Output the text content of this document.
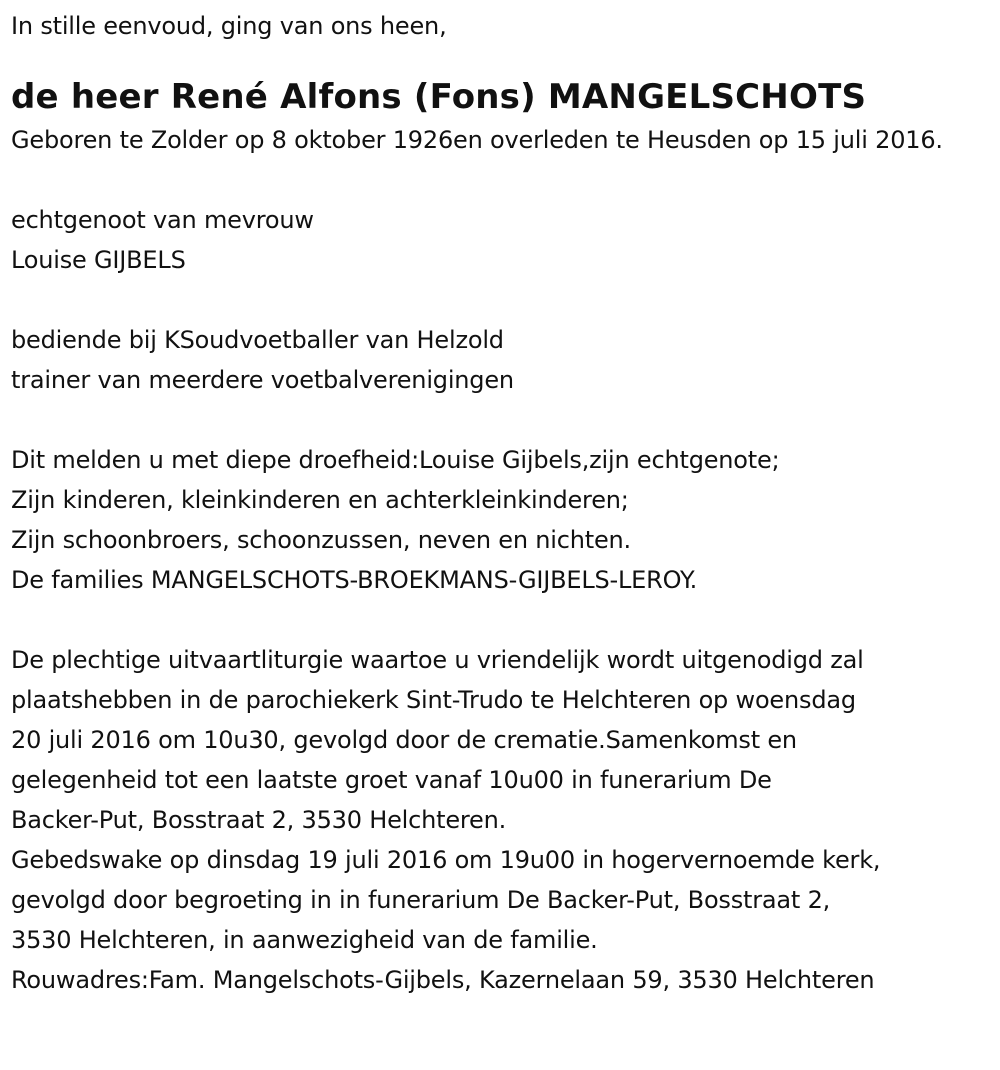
In stille eenvoud, ging van ons heen,
de heer René Alfons (Fons) MANGELSCHOTS
Geboren te Zolder op 8 oktober 1926en overleden te Heusden op 15 juli 2016.
echtgenoot van mevrouw
Louise GIJBELS
bediende bij KSoudvoetballer van Helzold
trainer van meerdere voetbalverenigingen
Dit melden u met diepe droefheid:Louise Gijbels,zijn echtgenote;
Zijn kinderen, kleinkinderen en achterkleinkinderen;
Zijn schoonbroers, schoonzussen, neven en nichten.
De families MANGELSCHOTS-BROEKMANS-GIJBELS-LEROY.
De plechtige uitvaartliturgie waartoe u vriendelijk wordt uitgenodigd zal
plaatshebben in de parochiekerk Sint-Trudo te Helchteren op woensdag
20 juli 2016 om 10u30, gevolgd door de crematie.Samenkomst en
gelegenheid tot een laatste groet vanaf 10u00 in funerarium De
Backer-Put, Bosstraat 2, 3530 Helchteren.
Gebedswake op dinsdag 19 juli 2016 om 19u00 in hogervernoemde kerk,
gevolgd door begroeting in in funerarium De Backer-Put, Bosstraat 2,
3530 Helchteren, in aanwezigheid van de familie.
Rouwadres:Fam. Mangelschots-Gijbels, Kazernelaan 59, 3530 Helchteren
